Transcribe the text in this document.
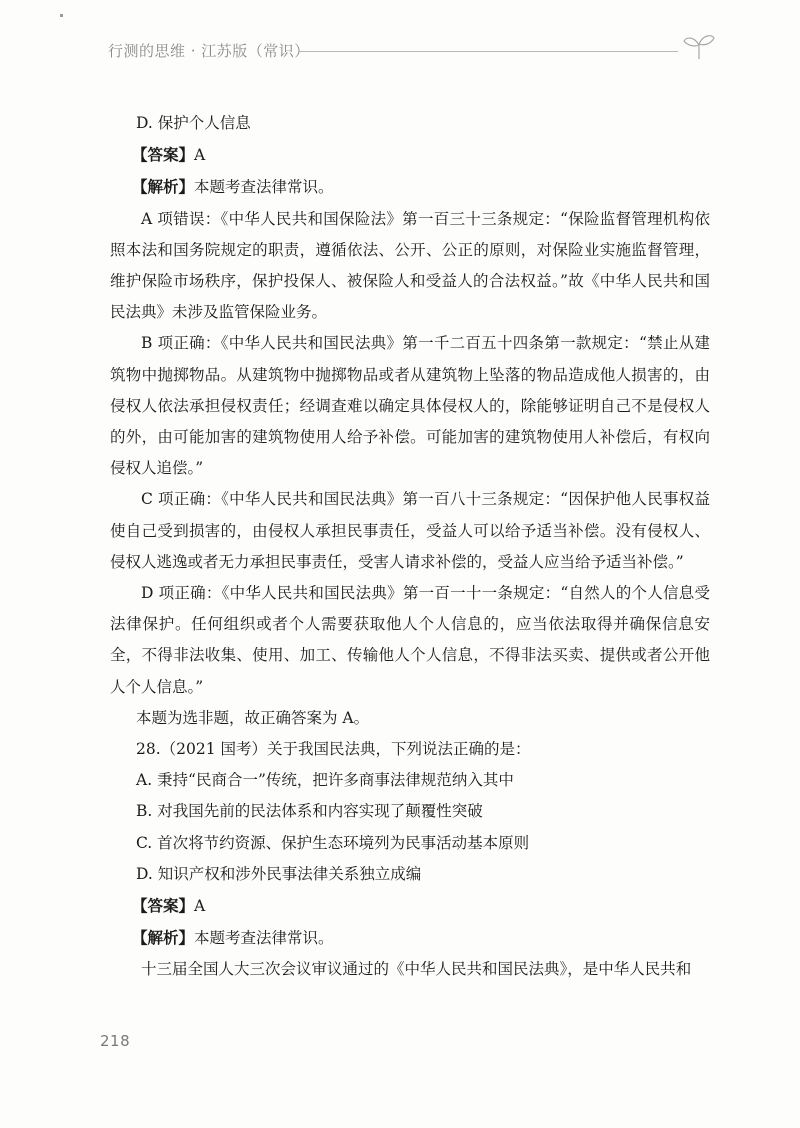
行测的思维 · 江苏版（常识）

D. 保护个人信息

【答案】A

【解析】本题考查法律常识。

A 项错误：《中华人民共和国保险法》第一百三十三条规定：“保险监督管理机构依照本法和国务院规定的职责，遵循依法、公开、公正的原则，对保险业实施监督管理，维护保险市场秩序，保护投保人、被保险人和受益人的合法权益。”故《中华人民共和国民法典》未涉及监管保险业务。

B 项正确：《中华人民共和国民法典》第一千二百五十四条第一款规定：“禁止从建筑物中抛掷物品。从建筑物中抛掷物品或者从建筑物上坠落的物品造成他人损害的，由侵权人依法承担侵权责任；经调查难以确定具体侵权人的，除能够证明自己不是侵权人的外，由可能加害的建筑物使用人给予补偿。可能加害的建筑物使用人补偿后，有权向侵权人追偿。”

C 项正确：《中华人民共和国民法典》第一百八十三条规定：“因保护他人民事权益使自己受到损害的，由侵权人承担民事责任，受益人可以给予适当补偿。没有侵权人、侵权人逃逸或者无力承担民事责任，受害人请求补偿的，受益人应当给予适当补偿。”

D 项正确：《中华人民共和国民法典》第一百一十一条规定：“自然人的个人信息受法律保护。任何组织或者个人需要获取他人个人信息的，应当依法取得并确保信息安全，不得非法收集、使用、加工、传输他人个人信息，不得非法买卖、提供或者公开他人个人信息。”

本题为选非题，故正确答案为 A。

28.（2021 国考）关于我国民法典，下列说法正确的是：

A. 秉持“民商合一”传统，把许多商事法律规范纳入其中

B. 对我国先前的民法体系和内容实现了颠覆性突破

C. 首次将节约资源、保护生态环境列为民事活动基本原则

D. 知识产权和涉外民事法律关系独立成编

【答案】A

【解析】本题考查法律常识。

十三届全国人大三次会议审议通过的《中华人民共和国民法典》，是中华人民共和

218
